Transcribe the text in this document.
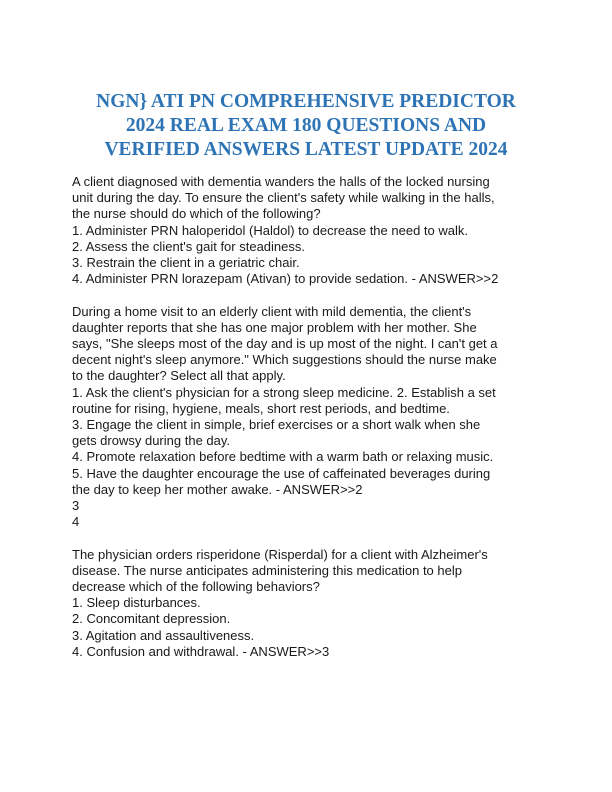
NGN} ATI PN COMPREHENSIVE PREDICTOR
2024 REAL EXAM 180 QUESTIONS AND
VERIFIED ANSWERS LATEST UPDATE 2024
A client diagnosed with dementia wanders the halls of the locked nursing
unit during the day. To ensure the client's safety while walking in the halls,
the nurse should do which of the following?
1. Administer PRN haloperidol (Haldol) to decrease the need to walk.
2. Assess the client's gait for steadiness.
3. Restrain the client in a geriatric chair.
4. Administer PRN lorazepam (Ativan) to provide sedation. - ANSWER>>2
During a home visit to an elderly client with mild dementia, the client's
daughter reports that she has one major problem with her mother. She
says, "She sleeps most of the day and is up most of the night. I can't get a
decent night's sleep anymore." Which suggestions should the nurse make
to the daughter? Select all that apply.
1. Ask the client's physician for a strong sleep medicine. 2. Establish a set
routine for rising, hygiene, meals, short rest periods, and bedtime.
3. Engage the client in simple, brief exercises or a short walk when she
gets drowsy during the day.
4. Promote relaxation before bedtime with a warm bath or relaxing music.
5. Have the daughter encourage the use of caffeinated beverages during
the day to keep her mother awake. - ANSWER>>2
3
4
The physician orders risperidone (Risperdal) for a client with Alzheimer's
disease. The nurse anticipates administering this medication to help
decrease which of the following behaviors?
1. Sleep disturbances.
2. Concomitant depression.
3. Agitation and assaultiveness.
4. Confusion and withdrawal. - ANSWER>>3
